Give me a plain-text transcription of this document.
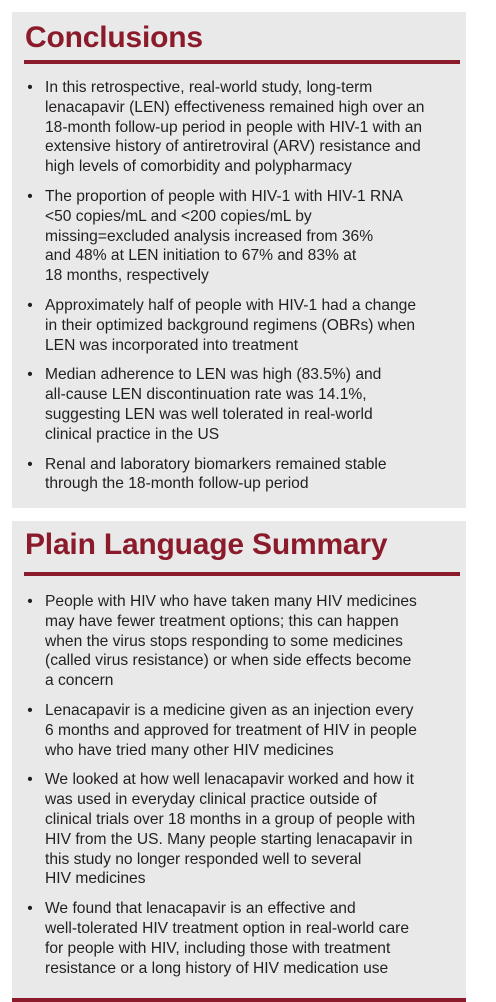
Conclusions
• In this retrospective, real-world study, long-term
lenacapavir (LEN) effectiveness remained high over an
18-month follow-up period in people with HIV-1 with an
extensive history of antiretroviral (ARV) resistance and
high levels of comorbidity and polypharmacy
• The proportion of people with HIV-1 with HIV-1 RNA
<50 copies/mL and <200 copies/mL by
missing=excluded analysis increased from 36%
and 48% at LEN initiation to 67% and 83% at
18 months, respectively
• Approximately half of people with HIV-1 had a change
in their optimized background regimens (OBRs) when
LEN was incorporated into treatment
• Median adherence to LEN was high (83.5%) and
all-cause LEN discontinuation rate was 14.1%,
suggesting LEN was well tolerated in real-world
clinical practice in the US
• Renal and laboratory biomarkers remained stable
through the 18-month follow-up period
Plain Language Summary
• People with HIV who have taken many HIV medicines
may have fewer treatment options; this can happen
when the virus stops responding to some medicines
(called virus resistance) or when side effects become
a concern
• Lenacapavir is a medicine given as an injection every
6 months and approved for treatment of HIV in people
who have tried many other HIV medicines
• We looked at how well lenacapavir worked and how it
was used in everyday clinical practice outside of
clinical trials over 18 months in a group of people with
HIV from the US. Many people starting lenacapavir in
this study no longer responded well to several
HIV medicines
• We found that lenacapavir is an effective and
well-tolerated HIV treatment option in real-world care
for people with HIV, including those with treatment
resistance or a long history of HIV medication use
